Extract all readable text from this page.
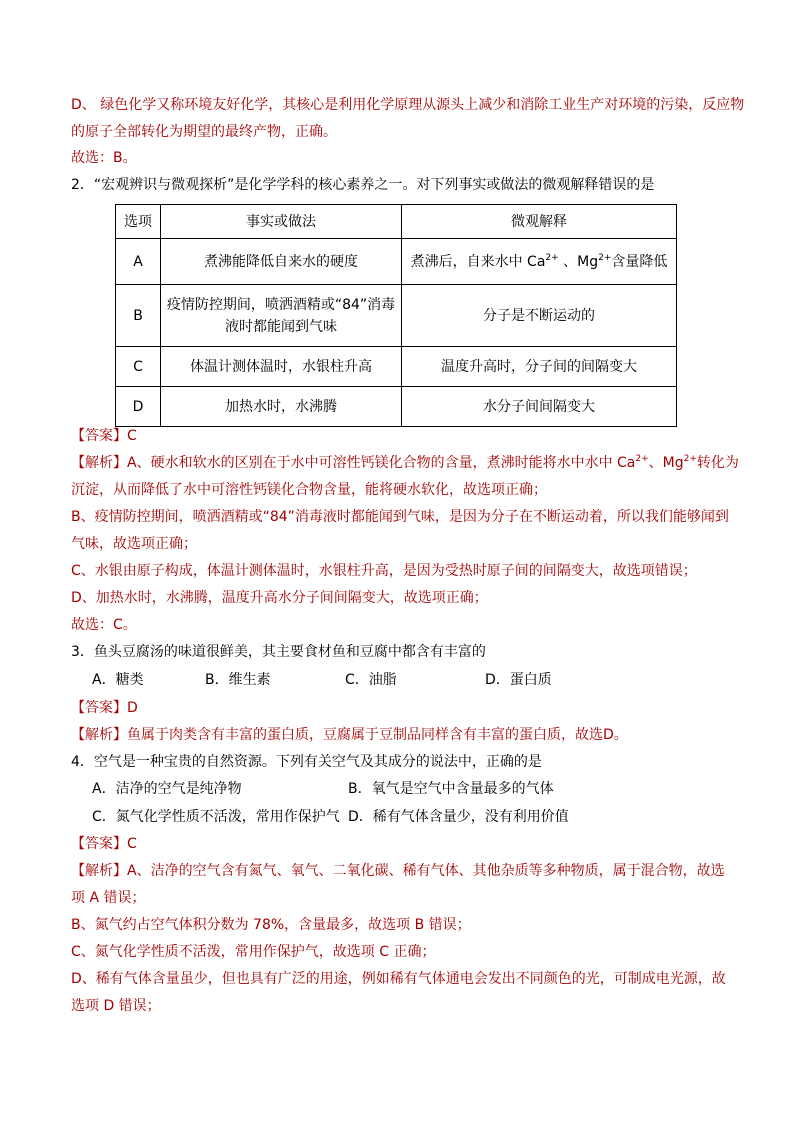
D、 绿色化学又称环境友好化学，其核心是利用化学原理从源头上减少和消除工业生产对环境的污染，反应物
的原子全部转化为期望的最终产物，正确。
故选：B。
2．“宏观辨识与微观探析”是化学学科的核心素养之一。对下列事实或做法的微观解释错误的是
选项	事实或做法	微观解释
A	煮沸能降低自来水的硬度	煮沸后，自来水中 $Ca^{2+}$ 、$Mg^{2+}$含量降低
B	疫情防控期间，喷洒酒精或“84”消毒
液时都能闻到气味	分子是不断运动的
C	体温计测体温时，水银柱升高	温度升高时，分子间的间隔变大
D	加热水时，水沸腾	水分子间间隔变大
【答案】C
【解析】A、硬水和软水的区别在于水中可溶性钙镁化合物的含量，煮沸时能将水中水中 $Ca^{2+}$、$Mg^{2+}$转化为
沉淀，从而降低了水中可溶性钙镁化合物含量，能将硬水软化，故选项正确；
B、疫情防控期间，喷洒酒精或“84”消毒液时都能闻到气味，是因为分子在不断运动着，所以我们能够闻到
气味，故选项正确；
C、水银由原子构成，体温计测体温时，水银柱升高，是因为受热时原子间的间隔变大，故选项错误；
D、加热水时，水沸腾，温度升高水分子间间隔变大，故选项正确；
故选：C。
3．鱼头豆腐汤的味道很鲜美，其主要食材鱼和豆腐中都含有丰富的
A．糖类	B．维生素	C．油脂	D．蛋白质
【答案】D
【解析】鱼属于肉类含有丰富的蛋白质，豆腐属于豆制品同样含有丰富的蛋白质，故选D。
4．空气是一种宝贵的自然资源。下列有关空气及其成分的说法中，正确的是
A．洁净的空气是纯净物	B．氧气是空气中含量最多的气体
C．氮气化学性质不活泼，常用作保护气 D．稀有气体含量少，没有利用价值
【答案】C
【解析】A、洁净的空气含有氮气、氧气、二氧化碳、稀有气体、其他杂质等多种物质，属于混合物，故选
项 A 错误；
B、氮气约占空气体积分数为 78%，含量最多，故选项 B 错误；
C、氮气化学性质不活泼，常用作保护气，故选项 C 正确；
D、稀有气体含量虽少，但也具有广泛的用途，例如稀有气体通电会发出不同颜色的光，可制成电光源，故
选项 D 错误；
